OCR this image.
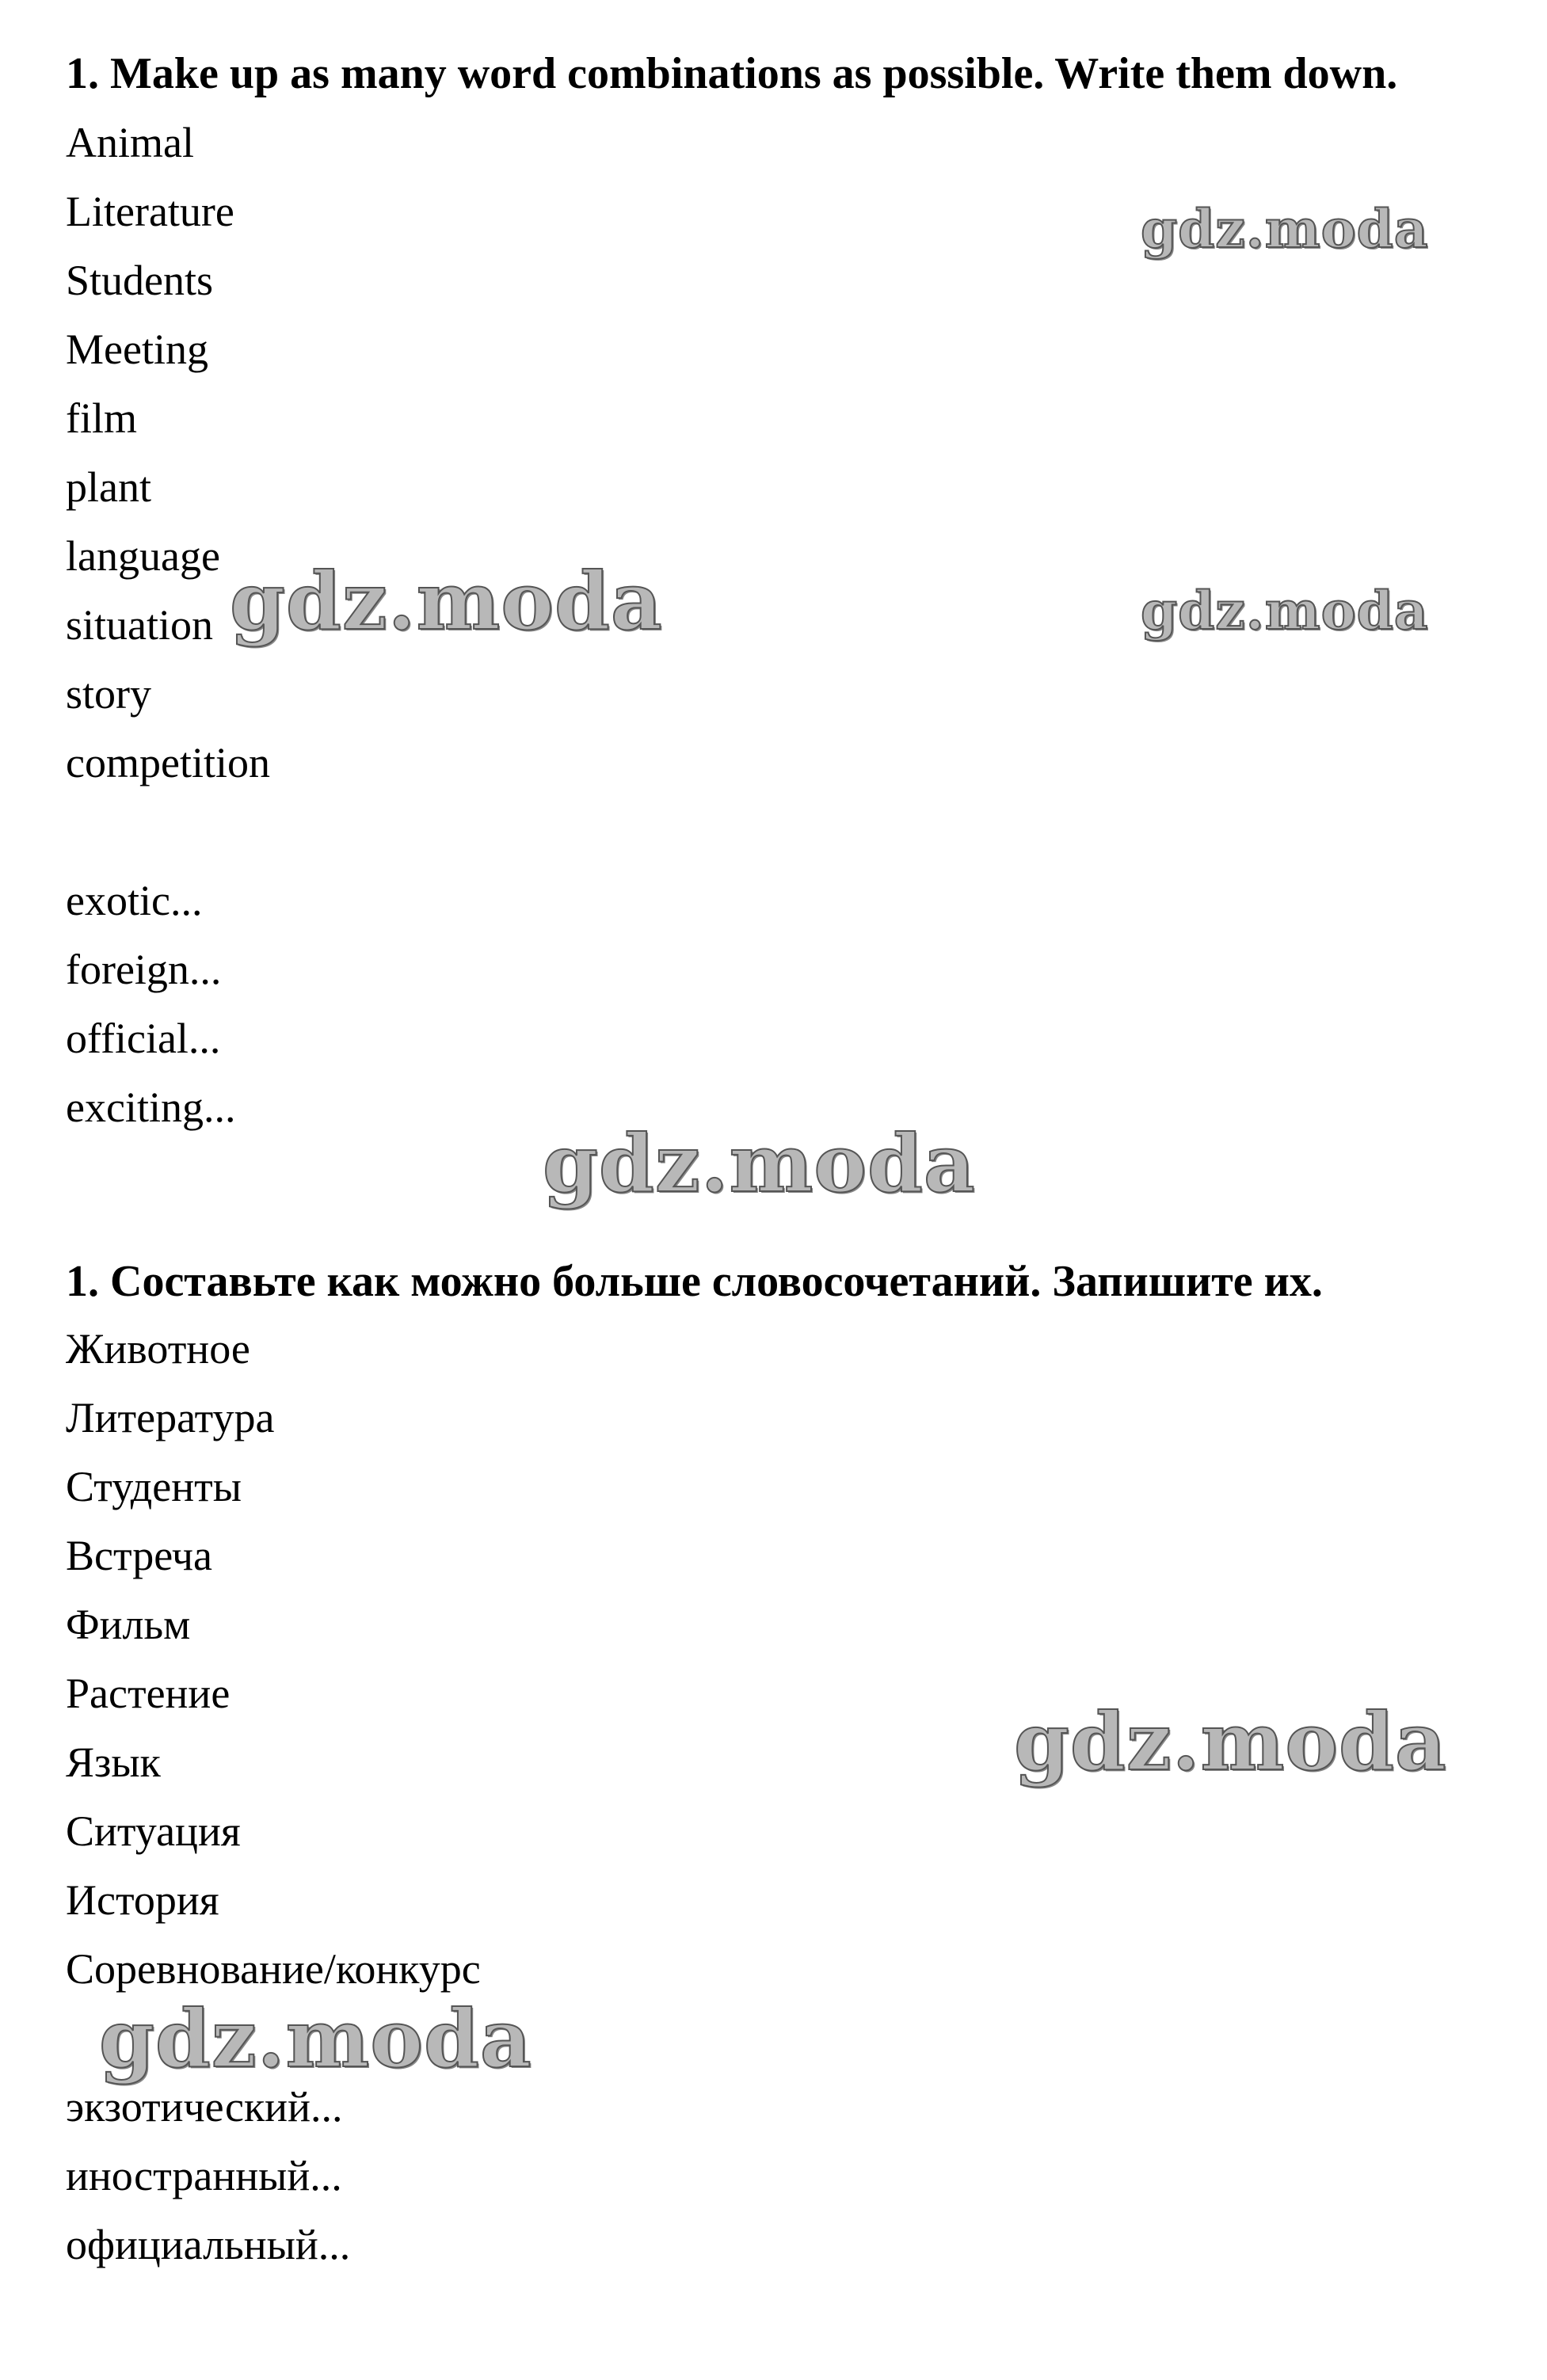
1. Make up as many word combinations as possible. Write them down.

Animal
Literature
Students
Meeting
film
plant
language
situation
story
competition
exotic...
foreign...
official...
exciting...

1. Составьте как можно больше словосочетаний. Запишите их.

Животное
Литература
Студенты
Встреча
Фильм
Растение
Язык
Ситуация
История
Соревнование/конкурс
экзотический...
иностранный...
официальный...
gdz.moda
gdz.moda	gdz.moda
gdz.moda
gdz.moda
gdz.moda
